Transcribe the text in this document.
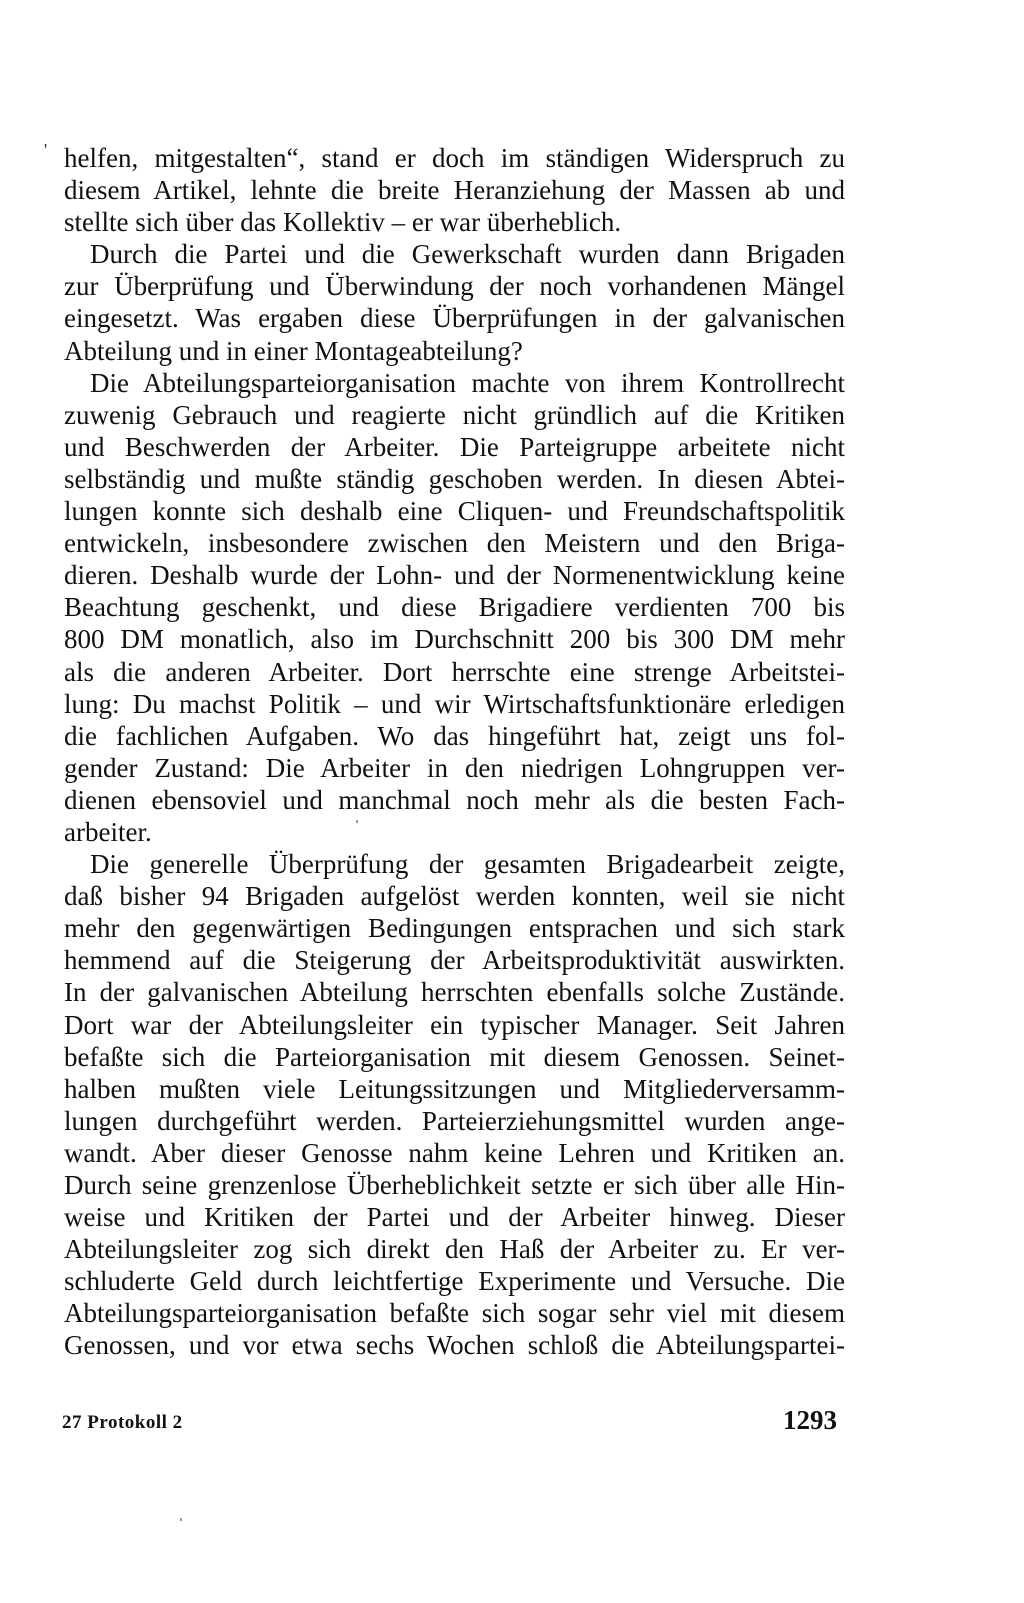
' helfen, mitgestalten“, stand er doch im ständigen Widerspruch zu
diesem Artikel, lehnte die breite Heranziehung der Massen ab und
stellte sich über das Kollektiv – er war überheblich.
Durch die Partei und die Gewerkschaft wurden dann Brigaden
zur Überprüfung und Überwindung der noch vorhandenen Mängel
eingesetzt. Was ergaben diese Überprüfungen in der galvanischen
Abteilung und in einer Montageabteilung?
Die Abteilungsparteiorganisation machte von ihrem Kontrollrecht
zuwenig Gebrauch und reagierte nicht gründlich auf die Kritiken
und Beschwerden der Arbeiter. Die Parteigruppe arbeitete nicht
selbständig und mußte ständig geschoben werden. In diesen Abtei-
lungen konnte sich deshalb eine Cliquen- und Freundschaftspolitik
entwickeln, insbesondere zwischen den Meistern und den Briga-
dieren. Deshalb wurde der Lohn- und der Normenentwicklung keine
Beachtung geschenkt, und diese Brigadiere verdienten 700 bis
800 DM monatlich, also im Durchschnitt 200 bis 300 DM mehr
als die anderen Arbeiter. Dort herrschte eine strenge Arbeitstei-
lung: Du machst Politik – und wir Wirtschaftsfunktionäre erledigen
die fachlichen Aufgaben. Wo das hingeführt hat, zeigt uns fol-
gender Zustand: Die Arbeiter in den niedrigen Lohngruppen ver-
dienen ebensoviel und manchmal noch mehr als die besten Fach-
arbeiter.
Die generelle Überprüfung der gesamten Brigadearbeit zeigte,
daß bisher 94 Brigaden aufgelöst werden konnten, weil sie nicht
mehr den gegenwärtigen Bedingungen entsprachen und sich stark
hemmend auf die Steigerung der Arbeitsproduktivität auswirkten.
In der galvanischen Abteilung herrschten ebenfalls solche Zustände.
Dort war der Abteilungsleiter ein typischer Manager. Seit Jahren
befaßte sich die Parteiorganisation mit diesem Genossen. Seinet-
halben mußten viele Leitungssitzungen und Mitgliederversamm-
lungen durchgeführt werden. Parteierziehungsmittel wurden ange-
wandt. Aber dieser Genosse nahm keine Lehren und Kritiken an.
Durch seine grenzenlose Überheblichkeit setzte er sich über alle Hin-
weise und Kritiken der Partei und der Arbeiter hinweg. Dieser
Abteilungsleiter zog sich direkt den Haß der Arbeiter zu. Er ver-
schluderte Geld durch leichtfertige Experimente und Versuche. Die
Abteilungsparteiorganisation befaßte sich sogar sehr viel mit diesem
Genossen, und vor etwa sechs Wochen schloß die Abteilungspartei-
27 Protokoll 2	1293
